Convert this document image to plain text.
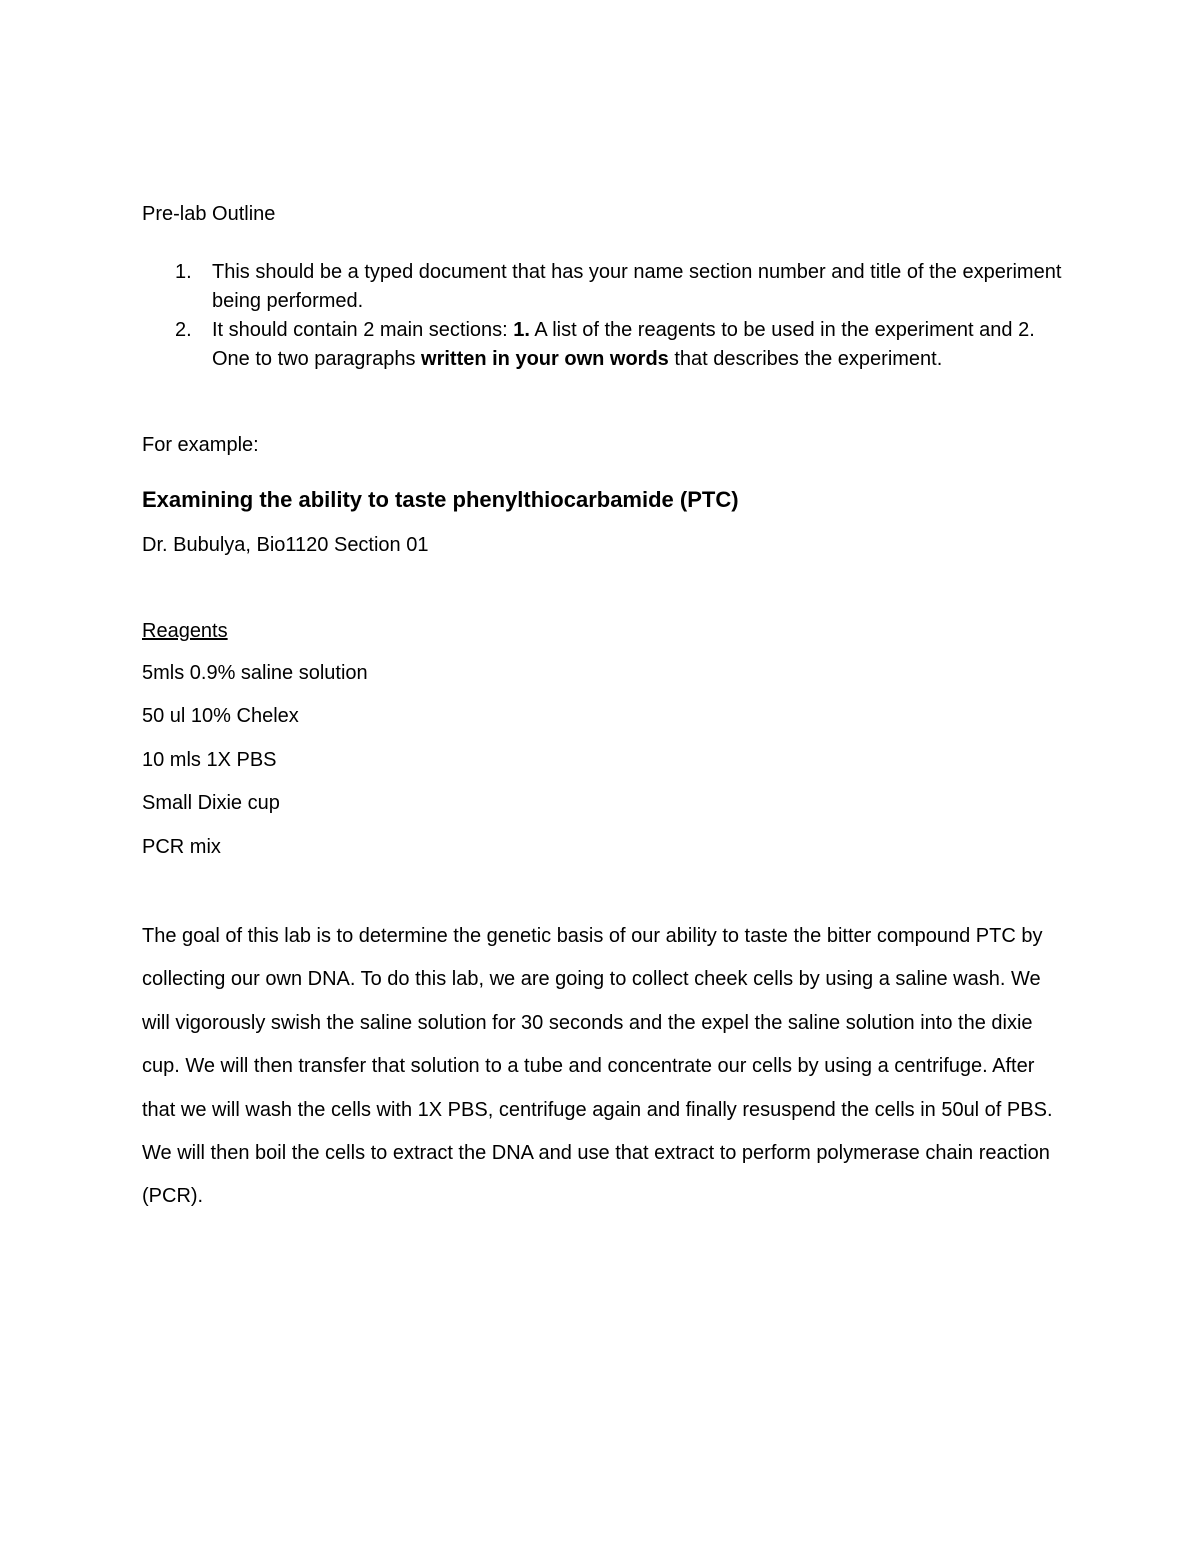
Pre-lab Outline
1. This should be a typed document that has your name section number and title of the experiment being performed.
2. It should contain 2 main sections: 1. A list of the reagents to be used in the experiment and 2. One to two paragraphs written in your own words that describes the experiment.
For example:
Examining the ability to taste phenylthiocarbamide (PTC)
Dr. Bubulya, Bio1120 Section 01
Reagents
5mls 0.9% saline solution
50 ul 10% Chelex
10 mls 1X PBS
Small Dixie cup
PCR mix

The goal of this lab is to determine the genetic basis of our ability to taste the bitter compound PTC by collecting our own DNA. To do this lab, we are going to collect cheek cells by using a saline wash. We will vigorously swish the saline solution for 30 seconds and the expel the saline solution into the dixie cup. We will then transfer that solution to a tube and concentrate our cells by using a centrifuge. After that we will wash the cells with 1X PBS, centrifuge again and finally resuspend the cells in 50ul of PBS. We will then boil the cells to extract the DNA and use that extract to perform polymerase chain reaction (PCR).
